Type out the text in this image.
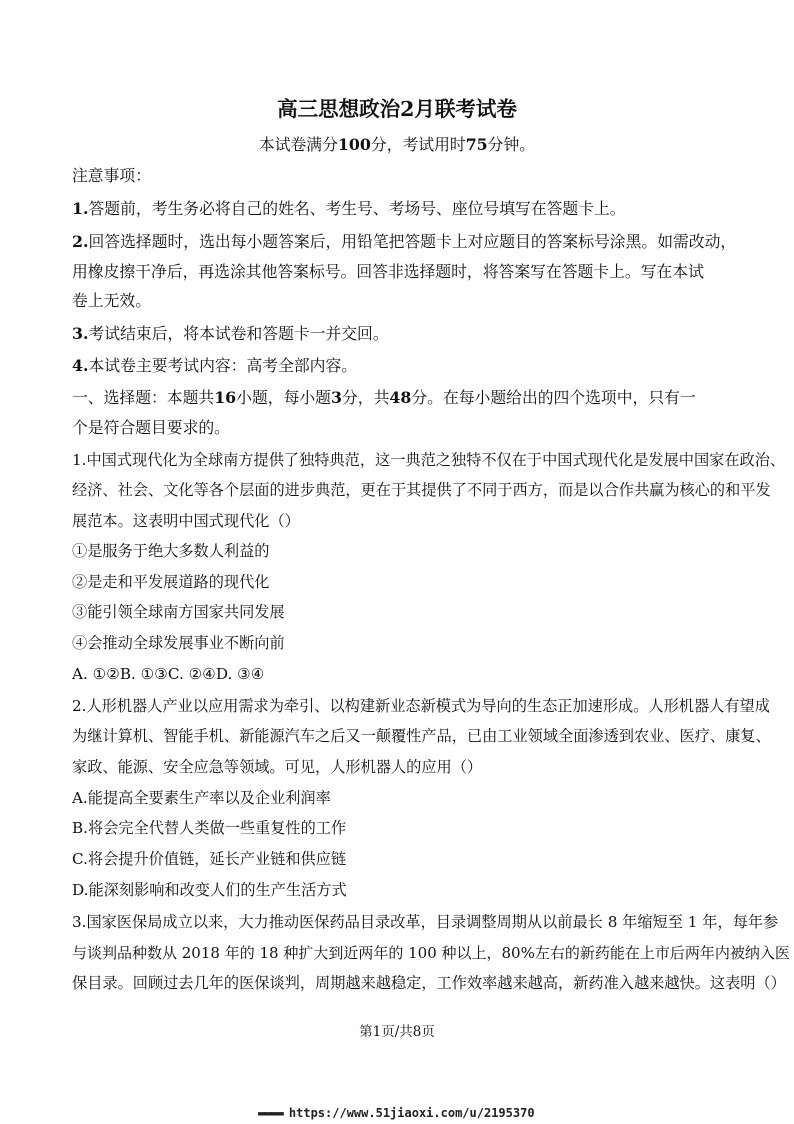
高三思想政治2月联考试卷
本试卷满分100分，考试用时75分钟。
注意事项：
1.答题前，考生务必将自己的姓名、考生号、考场号、座位号填写在答题卡上。
2.回答选择题时，选出每小题答案后，用铅笔把答题卡上对应题目的答案标号涂黑。如需改动，
用橡皮擦干净后，再选涂其他答案标号。回答非选择题时，将答案写在答题卡上。写在本试
卷上无效。
3.考试结束后，将本试卷和答题卡一并交回。
4.本试卷主要考试内容：高考全部内容。
一、选择题：本题共16小题，每小题3分，共48分。在每小题给出的四个选项中，只有一
个是符合题目要求的。
1.中国式现代化为全球南方提供了独特典范，这一典范之独特不仅在于中国式现代化是发展中国家在政治、
经济、社会、文化等各个层面的进步典范，更在于其提供了不同于西方，而是以合作共赢为核心的和平发
展范本。这表明中国式现代化（）
①是服务于绝大多数人利益的
②是走和平发展道路的现代化
③能引领全球南方国家共同发展
④会推动全球发展事业不断向前
A. ①②B. ①③C. ②④D. ③④
2.人形机器人产业以应用需求为牵引、以构建新业态新模式为导向的生态正加速形成。人形机器人有望成
为继计算机、智能手机、新能源汽车之后又一颠覆性产品，已由工业领域全面渗透到农业、医疗、康复、
家政、能源、安全应急等领域。可见，人形机器人的应用（）
A.能提高全要素生产率以及企业利润率
B.将会完全代替人类做一些重复性的工作
C.将会提升价值链，延长产业链和供应链
D.能深刻影响和改变人们的生产生活方式
3.国家医保局成立以来，大力推动医保药品目录改革，目录调整周期从以前最长 8 年缩短至 1 年，每年参
与谈判品种数从 2018 年的 18 种扩大到近两年的 100 种以上，80%左右的新药能在上市后两年内被纳入医
保目录。回顾过去几年的医保谈判，周期越来越稳定，工作效率越来越高，新药准入越来越快。这表明（）
第1页/共8页
▬▬▬▬ https://www.51jiaoxi.com/u/2195370
